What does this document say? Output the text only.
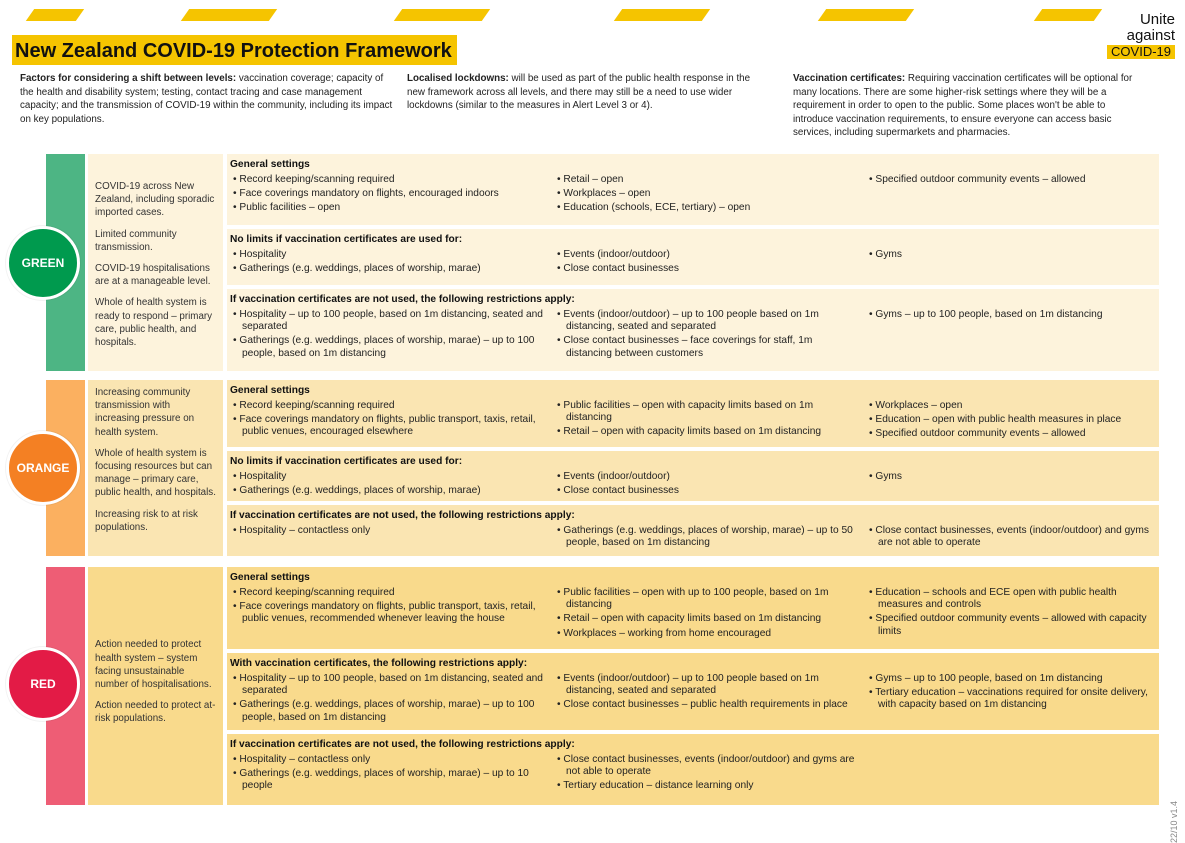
Unite
against
COVID-19
New Zealand COVID-19 Protection Framework
Factors for considering a shift between levels: vaccination coverage; capacity of the health and disability system; testing, contact tracing and case management capacity; and the transmission of COVID-19 within the community, including its impact on key populations.
Localised lockdowns: will be used as part of the public health response in the new framework across all levels, and there may still be a need to use wider lockdowns (similar to the measures in Alert Level 3 or 4).
Vaccination certificates: Requiring vaccination certificates will be optional for many locations. There are some higher-risk settings where they will be a requirement in order to open to the public. Some places won't be able to introduce vaccination requirements, to ensure everyone can access basic services, including supermarkets and pharmacies.
GREEN

COVID-19 across New Zealand, including sporadic imported cases.

Limited community transmission.

COVID-19 hospitalisations are at a manageable level.

Whole of health system is ready to respond – primary care, public health, and hospitals.

General settings
• Record keeping/scanning required
• Face coverings mandatory on flights, encouraged indoors
• Public facilities – open
• Retail – open
• Workplaces – open
• Education (schools, ECE, tertiary) – open
• Specified outdoor community events – allowed
No limits if vaccination certificates are used for:
• Hospitality
• Gatherings (e.g. weddings, places of worship, marae)
• Events (indoor/outdoor)
• Close contact businesses
• Gyms
If vaccination certificates are not used, the following restrictions apply:
• Hospitality – up to 100 people, based on 1m distancing, seated and separated
• Gatherings (e.g. weddings, places of worship, marae) – up to 100 people, based on 1m distancing
• Events (indoor/outdoor) – up to 100 people based on 1m distancing, seated and separated
• Close contact businesses – face coverings for staff, 1m distancing between customers
• Gyms – up to 100 people, based on 1m distancing
ORANGE

Increasing community transmission with increasing pressure on health system.

Whole of health system is focusing resources but can manage – primary care, public health, and hospitals.

Increasing risk to at risk populations.

General settings
• Record keeping/scanning required
• Face coverings mandatory on flights, public transport, taxis, retail, public venues, encouraged elsewhere
• Public facilities – open with capacity limits based on 1m distancing
• Retail – open with capacity limits based on 1m distancing
• Workplaces – open
• Education – open with public health measures in place
• Specified outdoor community events – allowed
No limits if vaccination certificates are used for:
• Hospitality
• Gatherings (e.g. weddings, places of worship, marae)
• Events (indoor/outdoor)
• Close contact businesses
• Gyms
If vaccination certificates are not used, the following restrictions apply:
• Hospitality – contactless only	• Gatherings (e.g. weddings, places of worship, marae) – up to 50 people, based on 1m distancing
• Close contact businesses, events (indoor/outdoor) and gyms are not able to operate
RED

Action needed to protect health system – system facing unsustainable number of hospitalisations.

Action needed to protect at-risk populations.

General settings
• Record keeping/scanning required
• Face coverings mandatory on flights, public transport, taxis, retail, public venues, recommended whenever leaving the house
• Public facilities – open with up to 100 people, based on 1m distancing
• Retail – open with capacity limits based on 1m distancing
• Workplaces – working from home encouraged
• Education – schools and ECE open with public health measures and controls
• Specified outdoor community events – allowed with capacity limits
With vaccination certificates, the following restrictions apply:
• Hospitality – up to 100 people, based on 1m distancing, seated and separated
• Gatherings (e.g. weddings, places of worship, marae) – up to 100 people, based on 1m distancing
• Events (indoor/outdoor) – up to 100 people based on 1m distancing, seated and separated
• Close contact businesses – public health requirements in place
• Gyms – up to 100 people, based on 1m distancing
• Tertiary education – vaccinations required for onsite delivery, with capacity based on 1m distancing
If vaccination certificates are not used, the following restrictions apply:
• Hospitality – contactless only
• Gatherings (e.g. weddings, places of worship, marae) – up to 10 people
• Close contact businesses, events (indoor/outdoor) and gyms are not able to operate
• Tertiary education – distance learning only
22/10 v1.4
